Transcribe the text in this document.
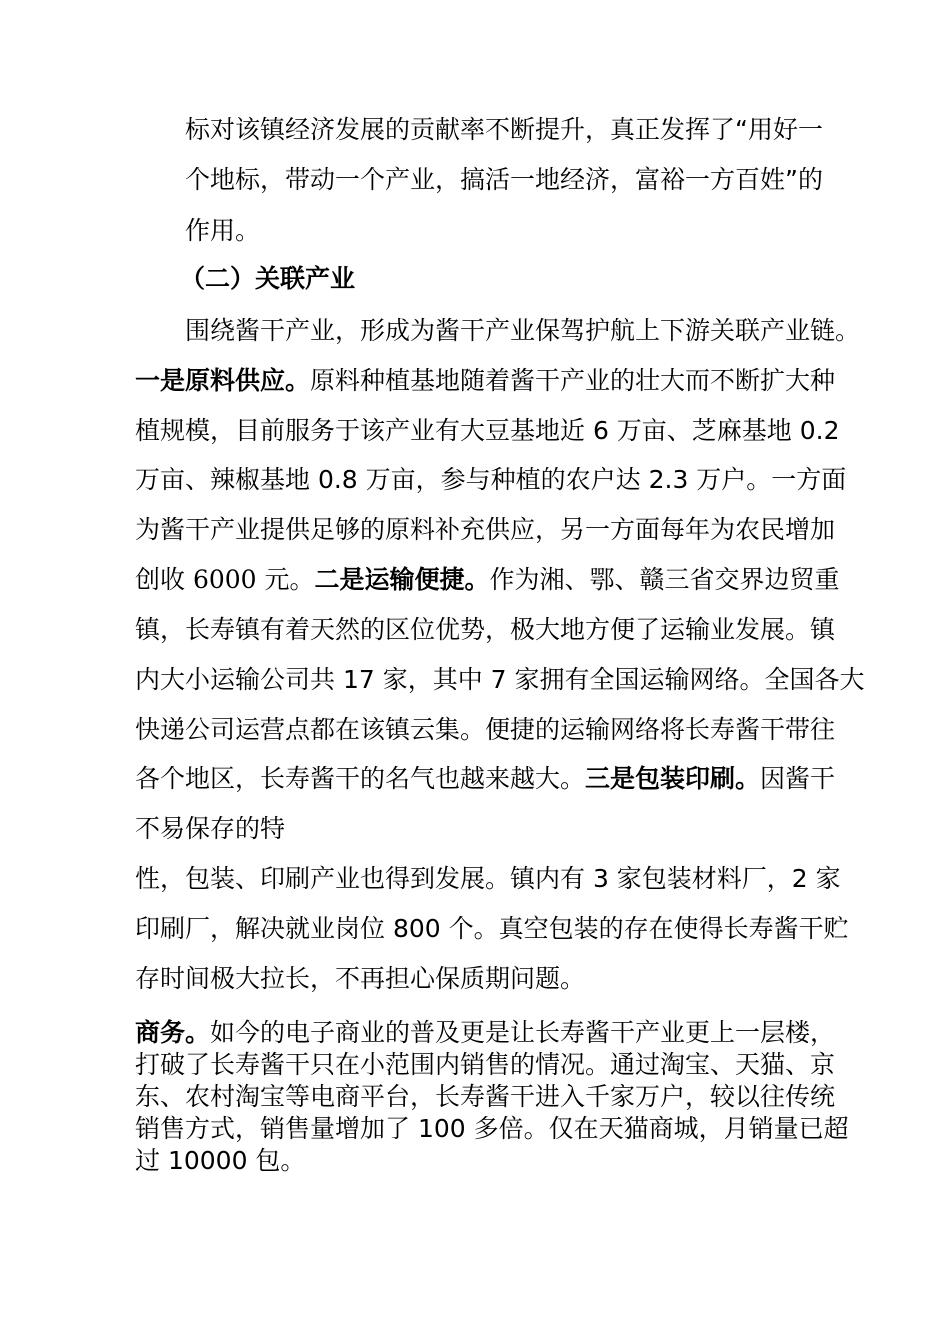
标对该镇经济发展的贡献率不断提升，真正发挥了“用好一
个地标，带动一个产业，搞活一地经济，富裕一方百姓”的
作用。
（二）关联产业
围绕酱干产业，形成为酱干产业保驾护航上下游关联产业链。
一是原料供应。原料种植基地随着酱干产业的壮大而不断扩大种
植规模，目前服务于该产业有大豆基地近 6 万亩、芝麻基地 0.2
万亩、辣椒基地 0.8 万亩，参与种植的农户达 2.3 万户。一方面
为酱干产业提供足够的原料补充供应，另一方面每年为农民增加
创收 6000 元。二是运输便捷。作为湘、鄂、赣三省交界边贸重
镇，长寿镇有着天然的区位优势，极大地方便了运输业发展。镇
内大小运输公司共 17 家，其中 7 家拥有全国运输网络。全国各大
快递公司运营点都在该镇云集。便捷的运输网络将长寿酱干带往
各个地区，长寿酱干的名气也越来越大。三是包装印刷。因酱干
不易保存的特
性，包装、印刷产业也得到发展。镇内有 3 家包装材料厂，2 家
印刷厂，解决就业岗位 800 个。真空包装的存在使得长寿酱干贮
存时间极大拉长，不再担心保质期问题。
商务。如今的电子商业的普及更是让长寿酱干产业更上一层楼，
打破了长寿酱干只在小范围内销售的情况。通过淘宝、天猫、京
东、农村淘宝等电商平台，长寿酱干进入千家万户，较以往传统
销售方式，销售量增加了 100 多倍。仅在天猫商城，月销量已超
过 10000 包。
